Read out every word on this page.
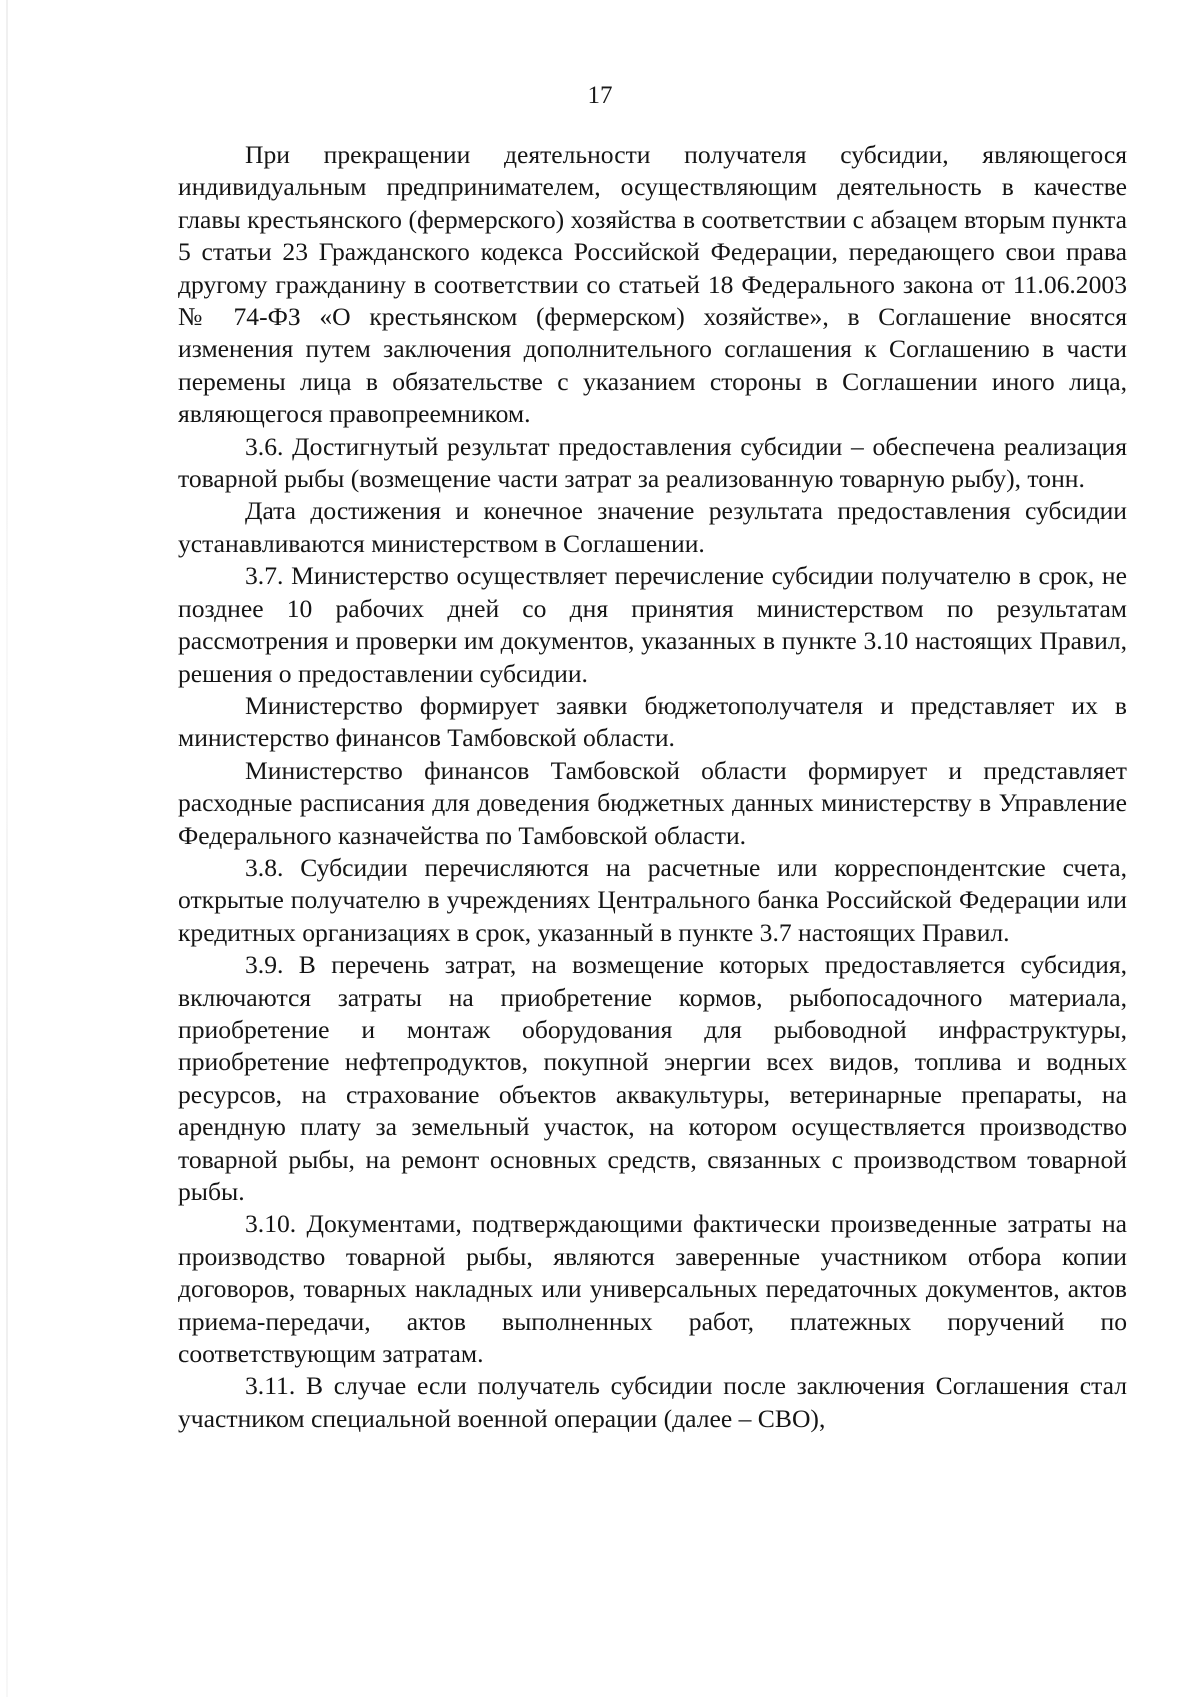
17

При прекращении деятельности получателя субсидии, являющегося индивидуальным предпринимателем, осуществляющим деятельность в качестве главы крестьянского (фермерского) хозяйства в соответствии с абзацем вторым пункта 5 статьи 23 Гражданского кодекса Российской Федерации, передающего свои права другому гражданину в соответствии со статьей 18 Федерального закона от 11.06.2003 № 74-ФЗ «О крестьянском (фермерском) хозяйстве», в Соглашение вносятся изменения путем заключения дополнительного соглашения к Соглашению в части перемены лица в обязательстве с указанием стороны в Соглашении иного лица, являющегося правопреемником.

3.6. Достигнутый результат предоставления субсидии – обеспечена реализация товарной рыбы (возмещение части затрат за реализованную товарную рыбу), тонн.

Дата достижения и конечное значение результата предоставления субсидии устанавливаются министерством в Соглашении.

3.7. Министерство осуществляет перечисление субсидии получателю в срок, не позднее 10 рабочих дней со дня принятия министерством по результатам рассмотрения и проверки им документов, указанных в пункте 3.10 настоящих Правил, решения о предоставлении субсидии.

Министерство формирует заявки бюджетополучателя и представляет их в министерство финансов Тамбовской области.

Министерство финансов Тамбовской области формирует и представляет расходные расписания для доведения бюджетных данных министерству в Управление Федерального казначейства по Тамбовской области.

3.8. Субсидии перечисляются на расчетные или корреспондентские счета, открытые получателю в учреждениях Центрального банка Российской Федерации или кредитных организациях в срок, указанный в пункте 3.7 настоящих Правил.

3.9. В перечень затрат, на возмещение которых предоставляется субсидия, включаются затраты на приобретение кормов, рыбопосадочного материала, приобретение и монтаж оборудования для рыбоводной инфраструктуры, приобретение нефтепродуктов, покупной энергии всех видов, топлива и водных ресурсов, на страхование объектов аквакультуры, ветеринарные препараты, на арендную плату за земельный участок, на котором осуществляется производство товарной рыбы, на ремонт основных средств, связанных с производством товарной рыбы.

3.10. Документами, подтверждающими фактически произведенные затраты на производство товарной рыбы, являются заверенные участником отбора копии договоров, товарных накладных или универсальных передаточных документов, актов приема-передачи, актов выполненных работ, платежных поручений по соответствующим затратам.

3.11. В случае если получатель субсидии после заключения Соглашения стал участником специальной военной операции (далее – СВО),
